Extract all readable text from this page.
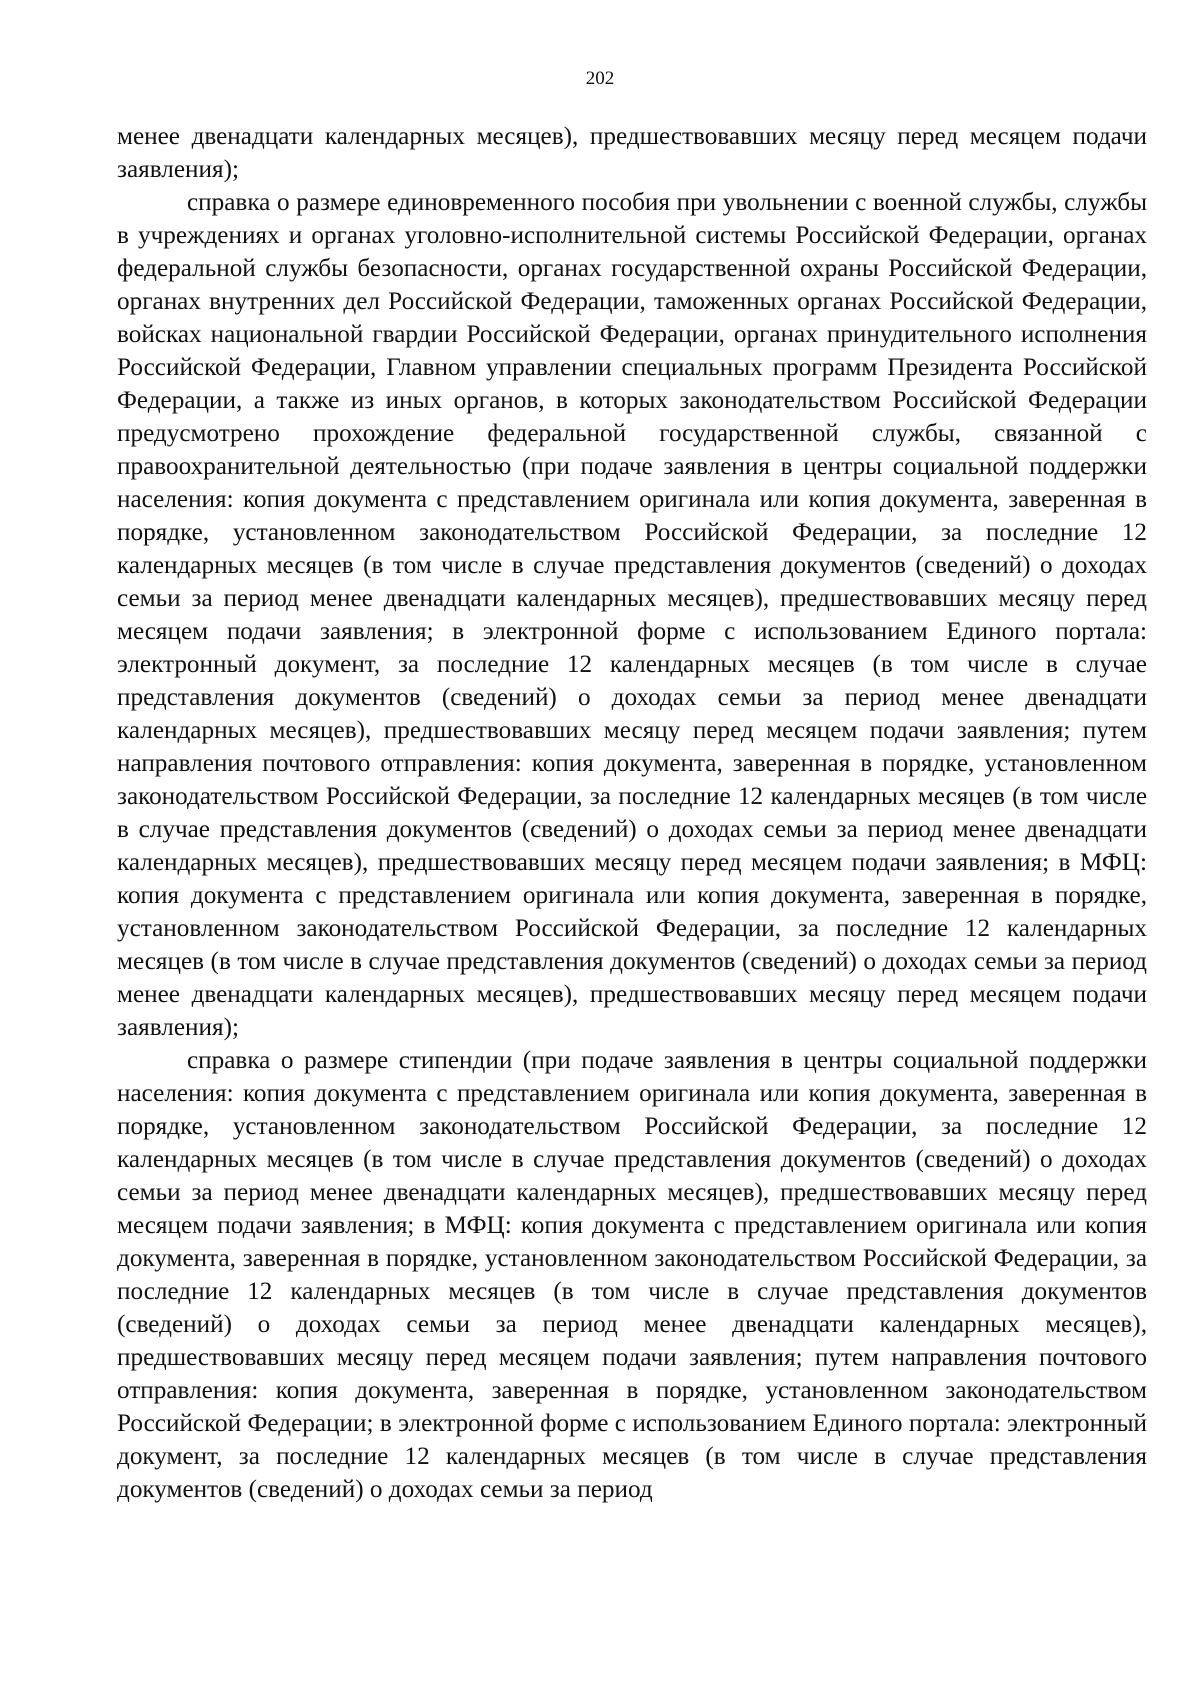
202

менее двенадцати календарных месяцев), предшествовавших месяцу перед месяцем подачи заявления);

справка о размере единовременного пособия при увольнении с военной службы, службы в учреждениях и органах уголовно-исполнительной системы Российской Федерации, органах федеральной службы безопасности, органах государственной охраны Российской Федерации, органах внутренних дел Российской Федерации, таможенных органах Российской Федерации, войсках национальной гвардии Российской Федерации, органах принудительного исполнения Российской Федерации, Главном управлении специальных программ Президента Российской Федерации, а также из иных органов, в которых законодательством Российской Федерации предусмотрено прохождение федеральной государственной службы, связанной с правоохранительной деятельностью (при подаче заявления в центры социальной поддержки населения: копия документа с представлением оригинала или копия документа, заверенная в порядке, установленном законодательством Российской Федерации, за последние 12 календарных месяцев (в том числе в случае представления документов (сведений) о доходах семьи за период менее двенадцати календарных месяцев), предшествовавших месяцу перед месяцем подачи заявления; в электронной форме с использованием Единого портала: электронный документ, за последние 12 календарных месяцев (в том числе в случае представления документов (сведений) о доходах семьи за период менее двенадцати календарных месяцев), предшествовавших месяцу перед месяцем подачи заявления; путем направления почтового отправления: копия документа, заверенная в порядке, установленном законодательством Российской Федерации, за последние 12 календарных месяцев (в том числе в случае представления документов (сведений) о доходах семьи за период менее двенадцати календарных месяцев), предшествовавших месяцу перед месяцем подачи заявления; в МФЦ: копия документа с представлением оригинала или копия документа, заверенная в порядке, установленном законодательством Российской Федерации, за последние 12 календарных месяцев (в том числе в случае представления документов (сведений) о доходах семьи за период менее двенадцати календарных месяцев), предшествовавших месяцу перед месяцем подачи заявления);

справка о размере стипендии (при подаче заявления в центры социальной поддержки населения: копия документа с представлением оригинала или копия документа, заверенная в порядке, установленном законодательством Российской Федерации, за последние 12 календарных месяцев (в том числе в случае представления документов (сведений) о доходах семьи за период менее двенадцати календарных месяцев), предшествовавших месяцу перед месяцем подачи заявления; в МФЦ: копия документа с представлением оригинала или копия документа, заверенная в порядке, установленном законодательством Российской Федерации, за последние 12 календарных месяцев (в том числе в случае представления документов (сведений) о доходах семьи за период менее двенадцати календарных месяцев), предшествовавших месяцу перед месяцем подачи заявления; путем направления почтового отправления: копия документа, заверенная в порядке, установленном законодательством Российской Федерации; в электронной форме с использованием Единого портала: электронный документ, за последние 12 календарных месяцев (в том числе в случае представления документов (сведений) о доходах семьи за период
